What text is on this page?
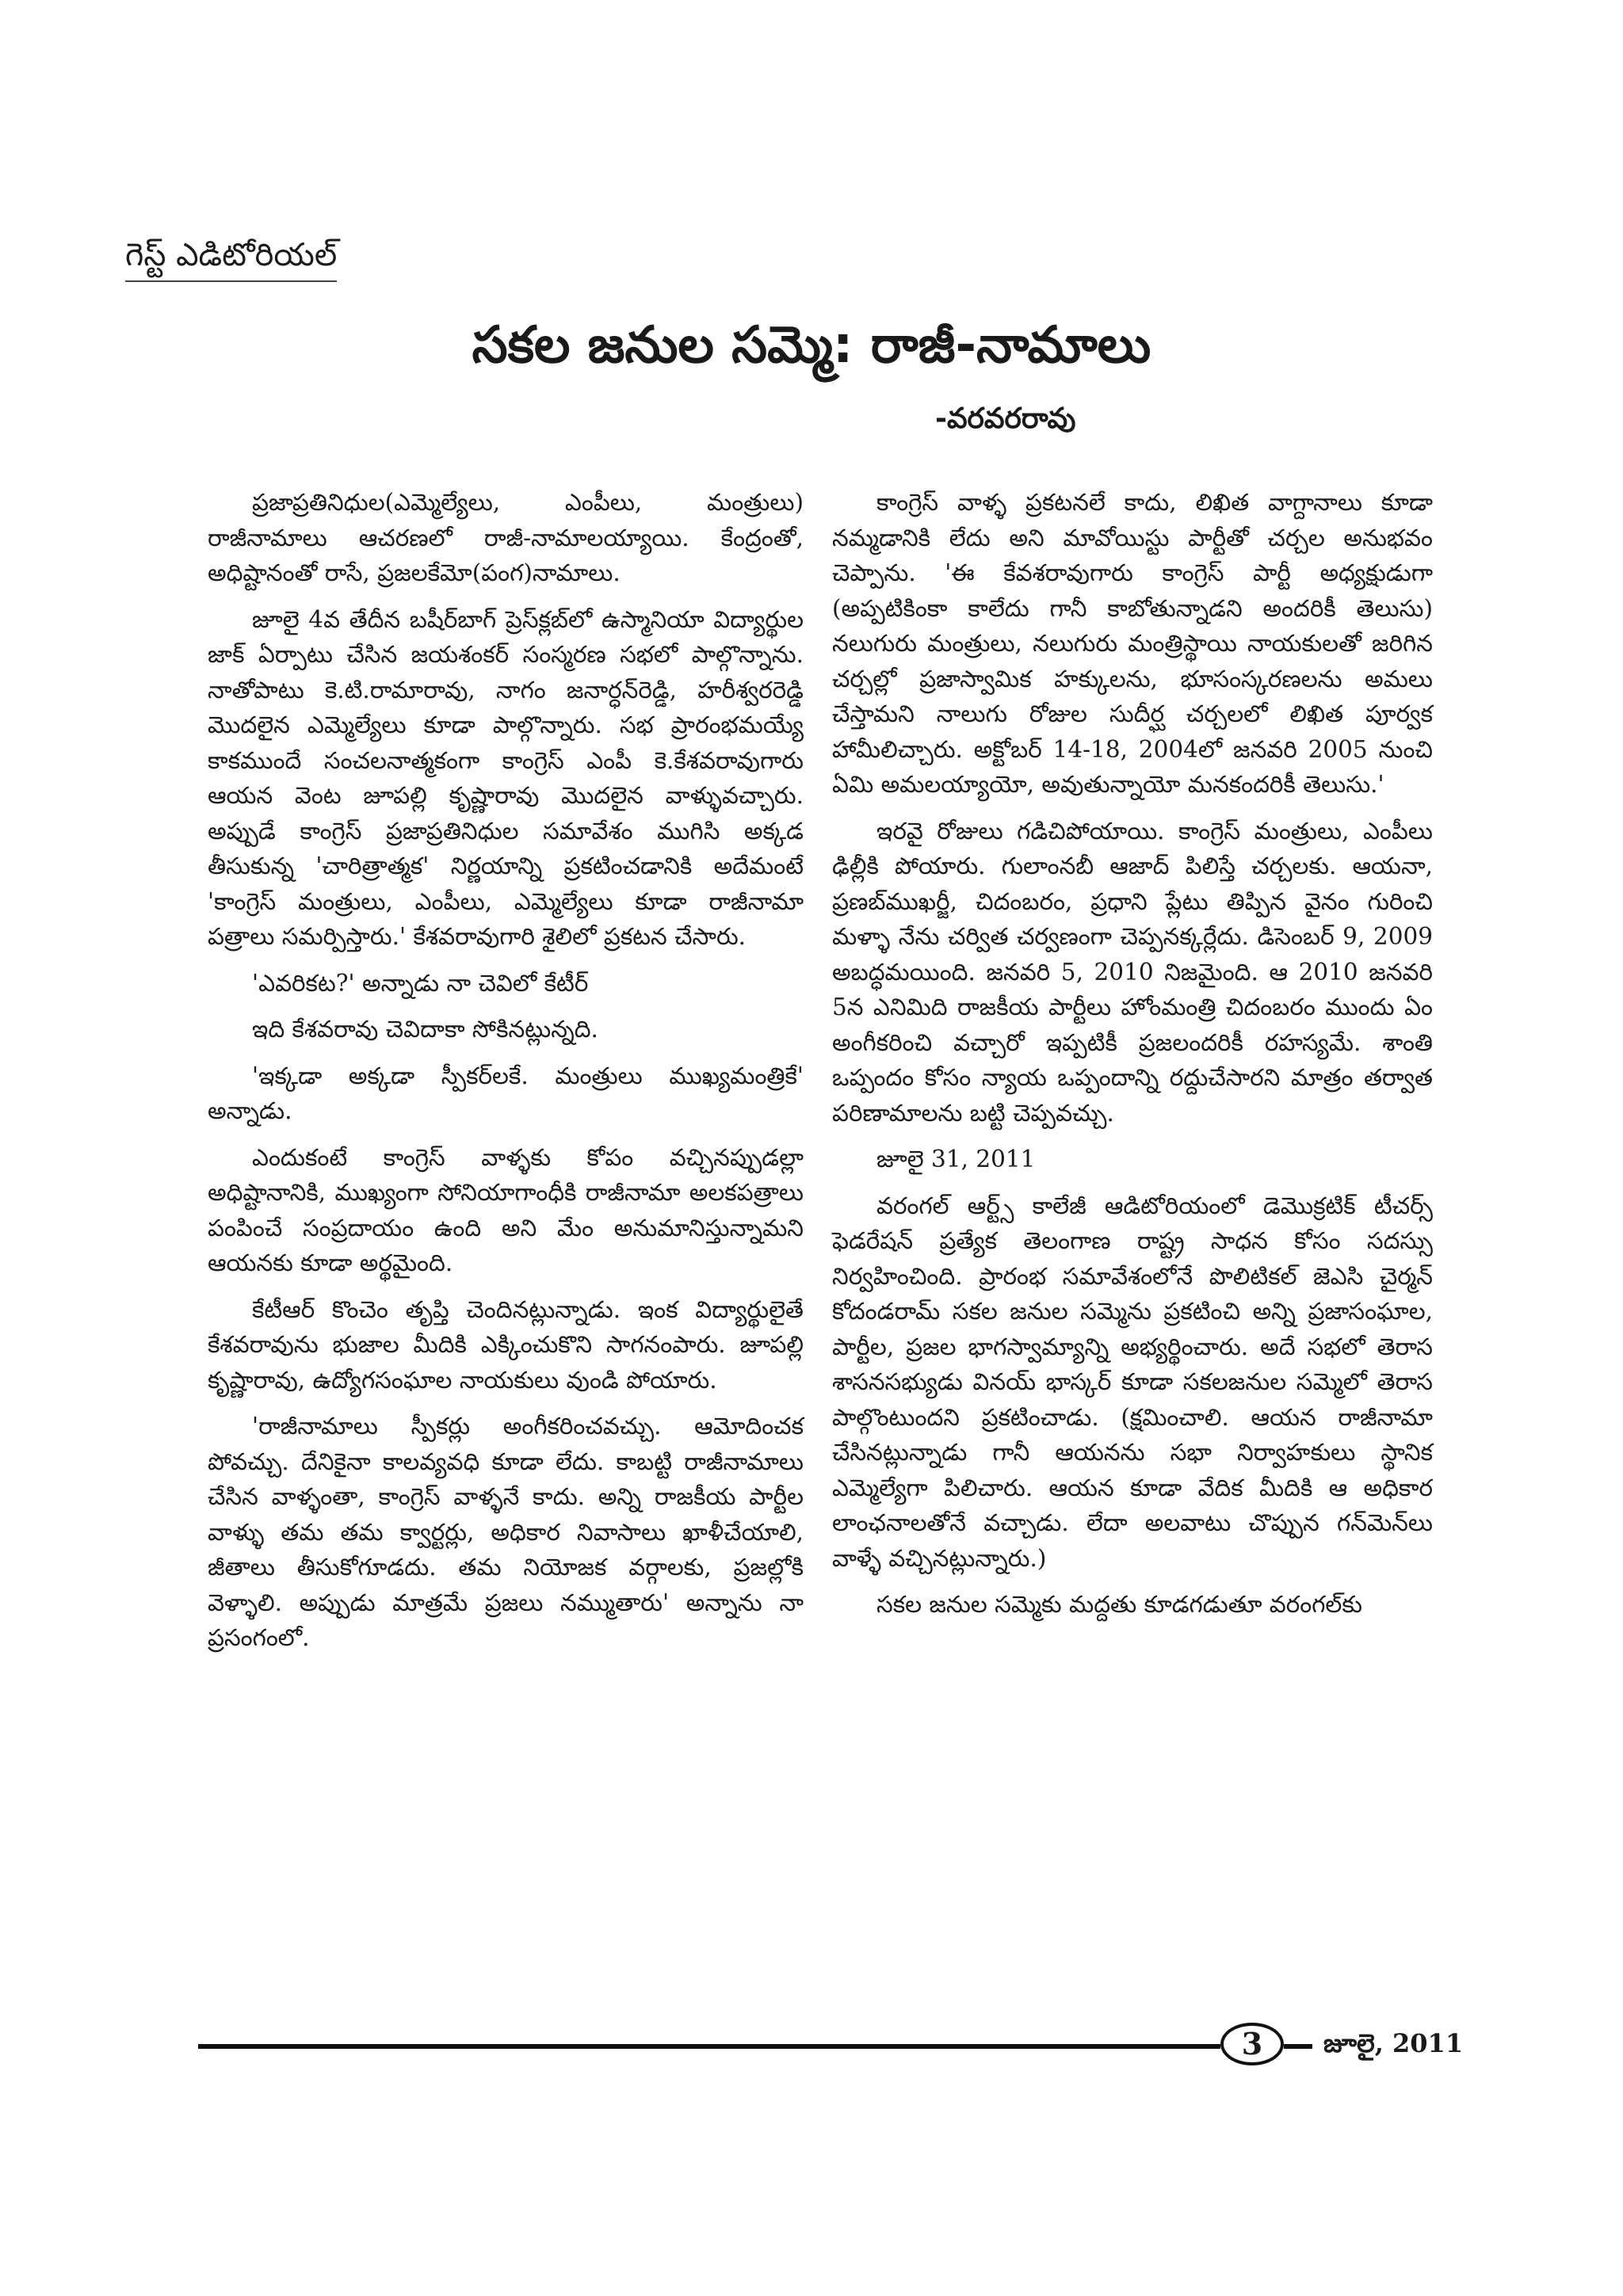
గెస్ట్ ఎడిటోరియల్
సకల జనుల సమ్మె: రాజీ-నామాలు
-వరవరరావు

ప్రజాప్రతినిధుల(ఎమ్మెల్యేలు, ఎంపీలు, మంత్రులు) రాజీనామాలు ఆచరణలో రాజీ-నామాలయ్యాయి. కేంద్రంతో, అధిష్టానంతో రాసే, ప్రజలకేమో(పంగ)నామాలు.

జూలై 4వ తేదీన బషీర్‌బాగ్ ప్రెస్‌క్లబ్‌లో ఉస్మానియా విద్యార్థుల జాక్ ఏర్పాటు చేసిన జయశంకర్ సంస్మరణ సభలో పాల్గొన్నాను. నాతోపాటు కె.టి.రామారావు, నాగం జనార్ధన్‌రెడ్డి, హరీశ్వరరెడ్డి మొదలైన ఎమ్మెల్యేలు కూడా పాల్గొన్నారు. సభ ప్రారంభమయ్యే కాకముందే సంచలనాత్మకంగా కాంగ్రెస్ ఎంపీ కె.కేశవరావుగారు ఆయన వెంట జూపల్లి కృష్ణారావు మొదలైన వాళ్ళువచ్చారు. అప్పుడే కాంగ్రెస్ ప్రజాప్రతినిధుల సమావేశం ముగిసి అక్కడ తీసుకున్న 'చారిత్రాత్మక' నిర్ణయాన్ని ప్రకటించడానికి అదేమంటే 'కాంగ్రెస్ మంత్రులు, ఎంపీలు, ఎమ్మెల్యేలు కూడా రాజీనామా పత్రాలు సమర్పిస్తారు.' కేశవరావుగారి శైలిలో ప్రకటన చేసారు.

'ఎవరికట?' అన్నాడు నా చెవిలో కేటీర్

ఇది కేశవరావు చెవిదాకా సోకినట్లున్నది.

'ఇక్కడా అక్కడా స్పీకర్‌లకే. మంత్రులు ముఖ్యమంత్రికే' అన్నాడు.

ఎందుకంటే కాంగ్రెస్ వాళ్ళకు కోపం వచ్చినప్పుడల్లా అధిష్టానానికి, ముఖ్యంగా సోనియాగాంధీకి రాజీనామా అలకపత్రాలు పంపించే సంప్రదాయం ఉంది అని మేం అనుమానిస్తున్నామని ఆయనకు కూడా అర్థమైంది.

కేటీఆర్ కొంచెం తృప్తి చెందినట్లున్నాడు. ఇంక విద్యార్థులైతే కేశవరావును భుజాల మీదికి ఎక్కించుకొని సాగనంపారు. జూపల్లి కృష్ణారావు, ఉద్యోగసంఘాల నాయకులు వుండి పోయారు.

'రాజీనామాలు స్పీకర్లు అంగీకరించవచ్చు. ఆమోదించక పోవచ్చు. దేనికైనా కాలవ్యవధి కూడా లేదు. కాబట్టి రాజీనామాలు చేసిన వాళ్ళంతా, కాంగ్రెస్ వాళ్ళనే కాదు. అన్ని రాజకీయ పార్టీల వాళ్ళు తమ తమ క్వార్టర్లు, అధికార నివాసాలు ఖాళీచేయాలి, జీతాలు తీసుకోగూడదు. తమ నియోజక వర్గాలకు, ప్రజల్లోకి వెళ్ళాలి. అప్పుడు మాత్రమే ప్రజలు నమ్ముతారు' అన్నాను నా ప్రసంగంలో.

కాంగ్రెస్ వాళ్ళ ప్రకటనలే కాదు, లిఖిత వాగ్దానాలు కూడా నమ్మడానికి లేదు అని మావోయిస్టు పార్టీతో చర్చల అనుభవం చెప్పాను. 'ఈ కేవశరావుగారు కాంగ్రెస్ పార్టీ అధ్యక్షుడుగా (అప్పటికింకా కాలేదు గానీ కాబోతున్నాడని అందరికీ తెలుసు) నలుగురు మంత్రులు, నలుగురు మంత్రిస్థాయి నాయకులతో జరిగిన చర్చల్లో ప్రజాస్వామిక హక్కులను, భూసంస్కరణలను అమలు చేస్తామని నాలుగు రోజుల సుదీర్ఘ చర్చలలో లిఖిత పూర్వక హామీలిచ్చారు. అక్టోబర్ 14-18, 2004లో జనవరి 2005 నుంచి ఏమి అమలయ్యాయో, అవుతున్నాయో మనకందరికీ తెలుసు.'

ఇరవై రోజులు గడిచిపోయాయి. కాంగ్రెస్ మంత్రులు, ఎంపీలు ఢిల్లీకి పోయారు. గులాంనబీ ఆజాద్ పిలిస్తే చర్చలకు. ఆయనా, ప్రణబ్‌ముఖర్జీ, చిదంబరం, ప్రధాని ప్లేటు తిప్పిన వైనం గురించి మళ్ళా నేను చర్విత చర్వణంగా చెప్పనక్కర్లేదు. డిసెంబర్ 9, 2009 అబద్ధమయింది. జనవరి 5, 2010 నిజమైంది. ఆ 2010 జనవరి 5న ఎనిమిది రాజకీయ పార్టీలు హోంమంత్రి చిదంబరం ముందు ఏం అంగీకరించి వచ్చారో ఇప్పటికీ ప్రజలందరికీ రహస్యమే. శాంతి ఒప్పందం కోసం న్యాయ ఒప్పందాన్ని రద్దుచేసారని మాత్రం తర్వాత పరిణామాలను బట్టి చెప్పవచ్చు.

జూలై 31, 2011

వరంగల్ ఆర్ట్స్ కాలేజీ ఆడిటోరియంలో డెమొక్రటిక్ టీచర్స్ ఫెడరేషన్ ప్రత్యేక తెలంగాణ రాష్ట్ర సాధన కోసం సదస్సు నిర్వహించింది. ప్రారంభ సమావేశంలోనే పొలిటికల్ జెఎసి చైర్మన్ కోదండరామ్ సకల జనుల సమ్మెను ప్రకటించి అన్ని ప్రజాసంఘాల, పార్టీల, ప్రజల భాగస్వామ్యాన్ని అభ్యర్థించారు. అదే సభలో తెరాస శాసనసభ్యుడు వినయ్ భాస్కర్ కూడా సకలజనుల సమ్మెలో తెరాస పాల్గొంటుందని ప్రకటించాడు. (క్షమించాలి. ఆయన రాజీనామా చేసినట్లున్నాడు గానీ ఆయనను సభా నిర్వాహకులు స్థానిక ఎమ్మెల్యేగా పిలిచారు. ఆయన కూడా వేదిక మీదికి ఆ అధికార లాంఛనాలతోనే వచ్చాడు. లేదా అలవాటు చొప్పున గన్‌మెన్‌లు వాళ్ళే వచ్చినట్లున్నారు.)

సకల జనుల సమ్మెకు మద్దతు కూడగడుతూ వరంగల్‌కు

3	జూలై, 2011
